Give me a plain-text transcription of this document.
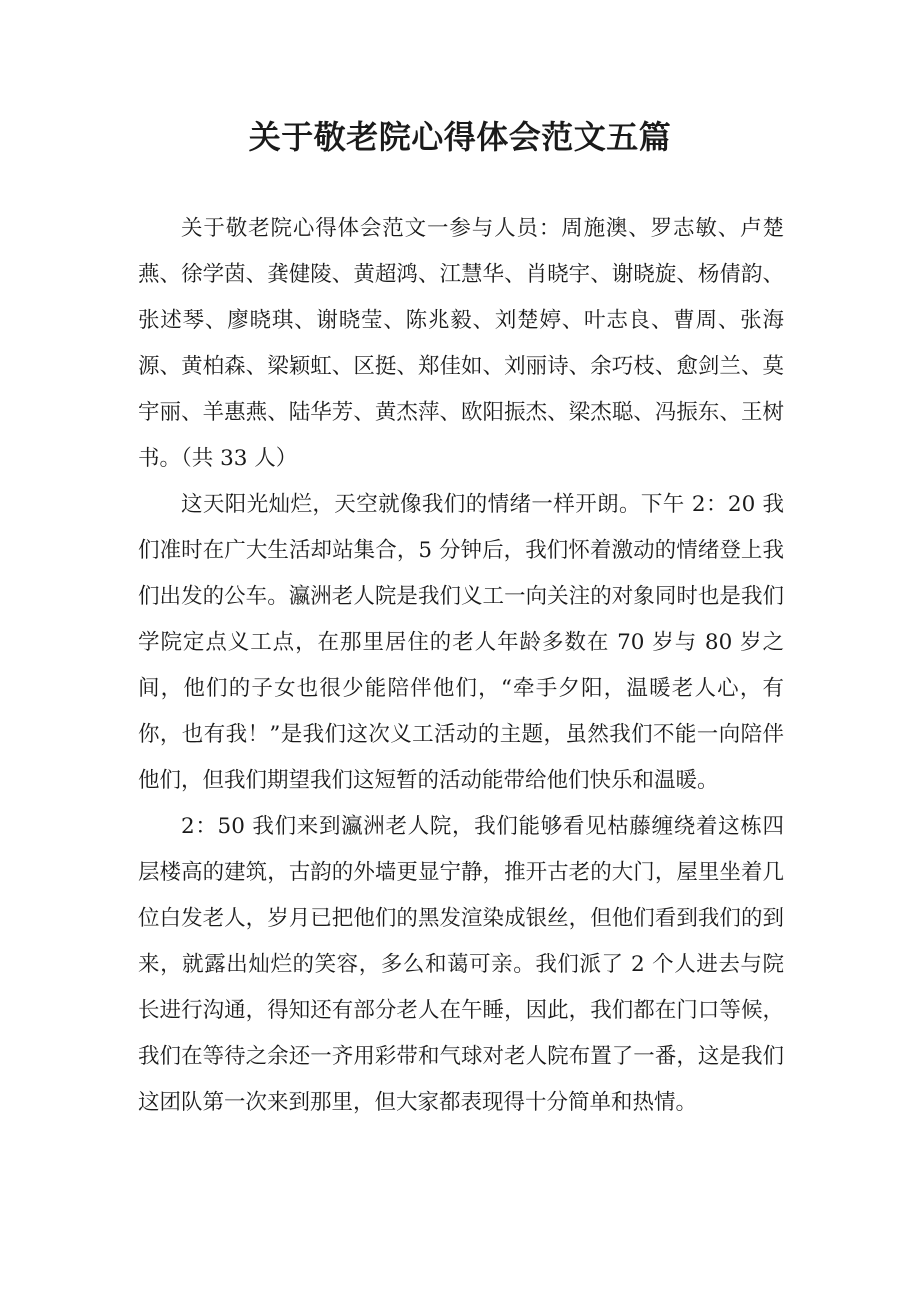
关于敬老院心得体会范文五篇

关于敬老院心得体会范文一参与人员：周施澳、罗志敏、卢楚燕、徐学茵、龚健陵、黄超鸿、江慧华、肖晓宇、谢晓旋、杨倩韵、张述琴、廖晓琪、谢晓莹、陈兆毅、刘楚婷、叶志良、曹周、张海源、黄柏森、梁颖虹、区挺、郑佳如、刘丽诗、余巧枝、愈剑兰、莫宇丽、羊惠燕、陆华芳、黄杰萍、欧阳振杰、梁杰聪、冯振东、王树书。（共 33 人）

这天阳光灿烂，天空就像我们的情绪一样开朗。下午 2：20 我们准时在广大生活却站集合，5 分钟后，我们怀着激动的情绪登上我们出发的公车。瀛洲老人院是我们义工一向关注的对象同时也是我们学院定点义工点，在那里居住的老人年龄多数在 70 岁与 80 岁之间，他们的子女也很少能陪伴他们，“牵手夕阳，温暖老人心，有你，也有我！”是我们这次义工活动的主题，虽然我们不能一向陪伴他们，但我们期望我们这短暂的活动能带给他们快乐和温暖。

2：50 我们来到瀛洲老人院，我们能够看见枯藤缠绕着这栋四层楼高的建筑，古韵的外墙更显宁静，推开古老的大门，屋里坐着几位白发老人，岁月已把他们的黑发渲染成银丝，但他们看到我们的到来，就露出灿烂的笑容，多么和蔼可亲。我们派了 2 个人进去与院长进行沟通，得知还有部分老人在午睡，因此，我们都在门口等候，我们在等待之余还一齐用彩带和气球对老人院布置了一番，这是我们这团队第一次来到那里，但大家都表现得十分简单和热情。
